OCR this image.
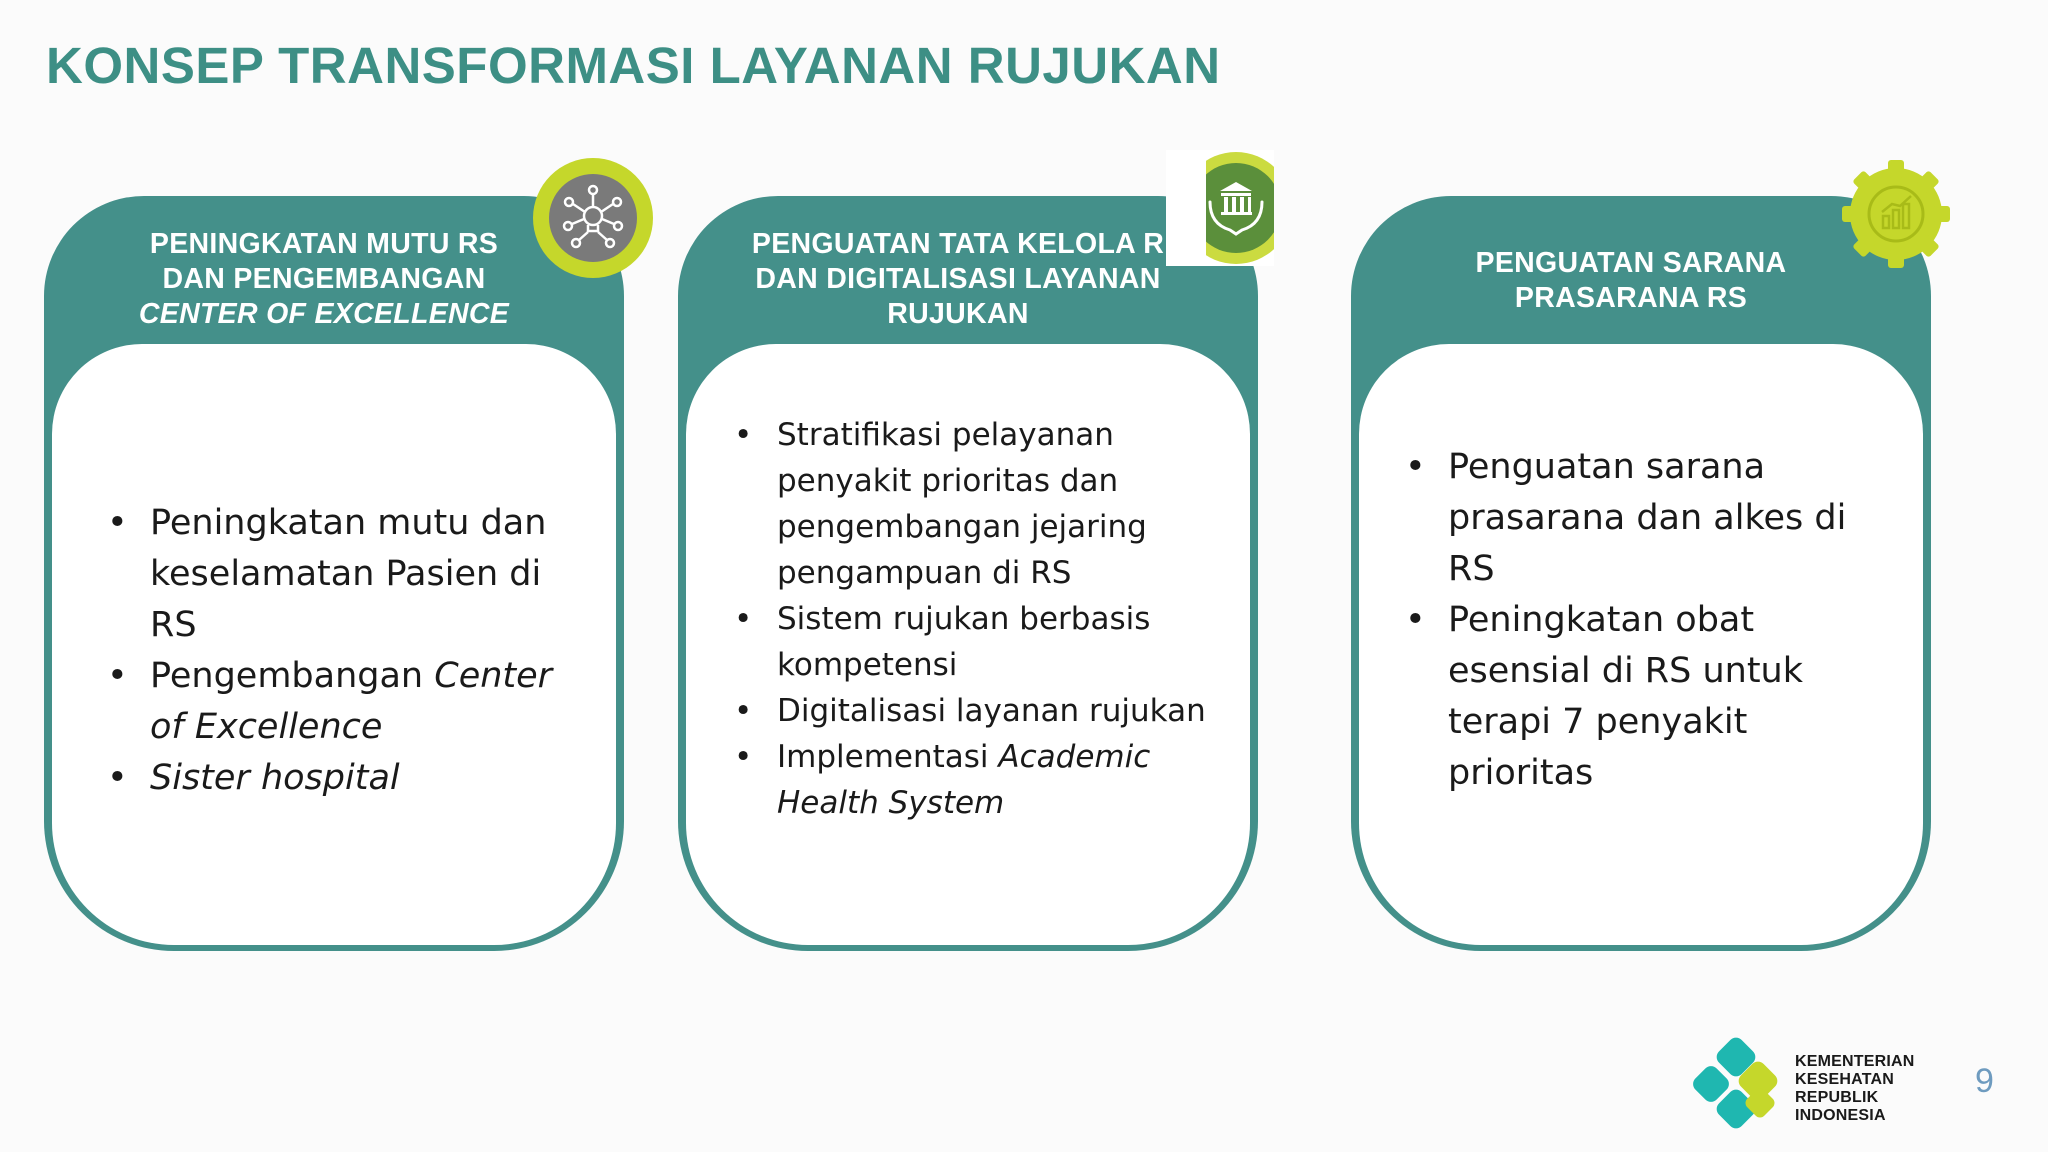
KONSEP TRANSFORMASI LAYANAN RUJUKAN
PENINGKATAN MUTU RS
DAN PENGEMBANGAN
CENTER OF EXCELLENCE
• Peningkatan mutu dan keselamatan Pasien di RS
• Pengembangan Center of Excellence
• Sister hospital
PENGUATAN TATA KELOLA R
DAN DIGITALISASI LAYANAN
RUJUKAN
• Stratifikasi pelayanan penyakit prioritas dan pengembangan jejaring pengampuan di RS
• Sistem rujukan berbasis kompetensi
• Digitalisasi layanan rujukan
• Implementasi Academic Health System
PENGUATAN SARANA
PRASARANA RS
• Penguatan sarana prasarana dan alkes di RS
• Peningkatan obat esensial di RS untuk terapi 7 penyakit prioritas
KEMENTERIAN
KESEHATAN
REPUBLIK
INDONESIA
9
